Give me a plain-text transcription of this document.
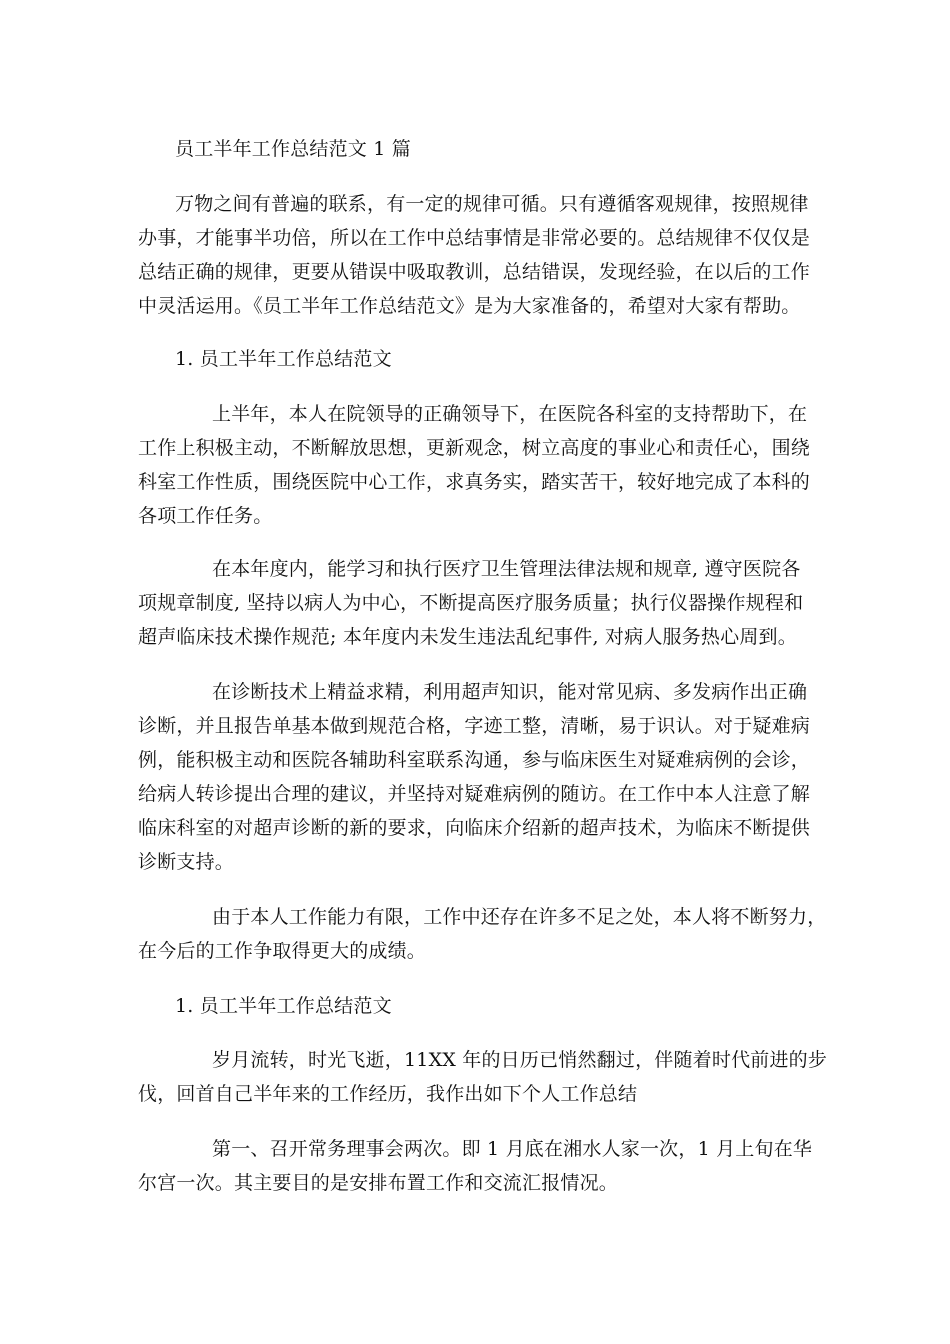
员工半年工作总结范文 1 篇

万物之间有普遍的联系，有一定的规律可循。只有遵循客观规律，按照规律

办事，才能事半功倍，所以在工作中总结事情是非常必要的。总结规律不仅仅是

总结正确的规律，更要从错误中吸取教训，总结错误，发现经验，在以后的工作

中灵活运用。《员工半年工作总结范文》是为大家准备的，希望对大家有帮助。

1. 员工半年工作总结范文

上半年，本人在院领导的正确领导下，在医院各科室的支持帮助下，在

工作上积极主动，不断解放思想，更新观念，树立高度的事业心和责任心，围绕

科室工作性质，围绕医院中心工作，求真务实，踏实苦干，较好地完成了本科的

各项工作任务。

在本年度内，能学习和执行医疗卫生管理法律法规和规章, 遵守医院各

项规章制度, 坚持以病人为中心，不断提高医疗服务质量；执行仪器操作规程和

超声临床技术操作规范; 本年度内未发生违法乱纪事件, 对病人服务热心周到。

在诊断技术上精益求精，利用超声知识，能对常见病、多发病作出正确

诊断，并且报告单基本做到规范合格，字迹工整，清晰，易于识认。对于疑难病

例，能积极主动和医院各辅助科室联系沟通，参与临床医生对疑难病例的会诊，

给病人转诊提出合理的建议，并坚持对疑难病例的随访。在工作中本人注意了解

临床科室的对超声诊断的新的要求，向临床介绍新的超声技术，为临床不断提供

诊断支持。

由于本人工作能力有限，工作中还存在许多不足之处，本人将不断努力，

在今后的工作争取得更大的成绩。

1. 员工半年工作总结范文

岁月流转，时光飞逝，11XX 年的日历已悄然翻过，伴随着时代前进的步

伐，回首自己半年来的工作经历，我作出如下个人工作总结

第一、召开常务理事会两次。即 1 月底在湘水人家一次，1 月上旬在华

尔宫一次。其主要目的是安排布置工作和交流汇报情况。
